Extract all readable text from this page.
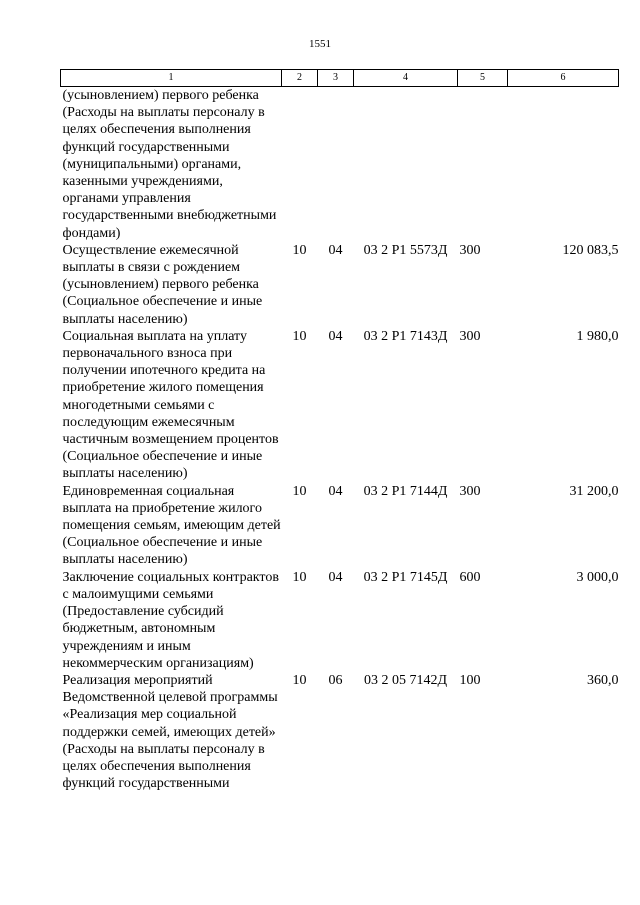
1551
1	2	3	4	5	6
(усыновлением) первого ребенка (Расходы на выплаты персоналу в целях обеспечения выполнения функций государственными (муниципальными) органами, казенными учреждениями, органами управления государственными внебюджетными фондами)					
Осуществление ежемесячной выплаты в связи с рождением (усыновлением) первого ребенка (Социальное обеспечение и иные выплаты населению)	10	04	03 2 P1 5573Д	300	120 083,5
Социальная выплата на уплату первоначального взноса при получении ипотечного кредита на приобретение жилого помещения многодетными семьями с последующим ежемесячным частичным возмещением процентов (Социальное обеспечение и иные выплаты населению)	10	04	03 2 P1 7143Д	300	1 980,0
Единовременная социальная выплата на приобретение жилого помещения семьям, имеющим детей (Социальное обеспечение и иные выплаты населению)	10	04	03 2 P1 7144Д	300	31 200,0
Заключение социальных контрактов с малоимущими семьями (Предоставление субсидий бюджетным, автономным учреждениям и иным некоммерческим организациям)	10	04	03 2 P1 7145Д	600	3 000,0
Реализация мероприятий Ведомственной целевой программы «Реализация мер социальной поддержки семей, имеющих детей» (Расходы на выплаты персоналу в целях обеспечения выполнения функций государственными	10	06	03 2 05 7142Д	100	360,0
